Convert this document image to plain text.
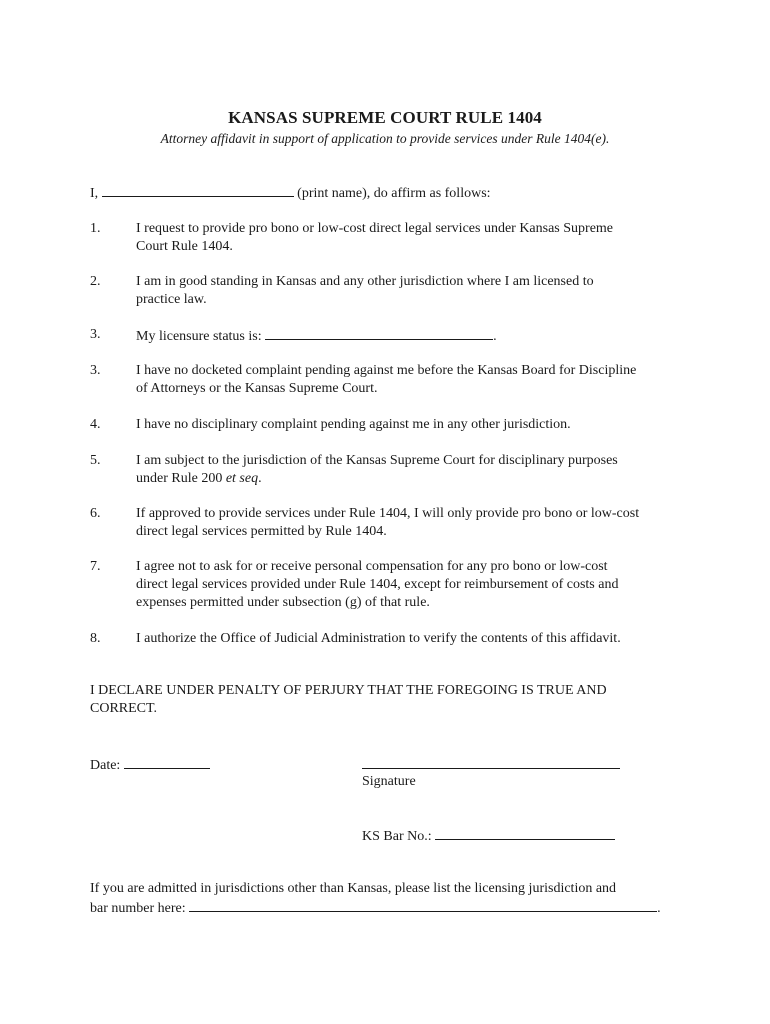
KANSAS SUPREME COURT RULE 1404
Attorney affidavit in support of application to provide services under Rule 1404(e).
I,	(print name), do affirm as follows:
1.	I request to provide pro bono or low-cost direct legal services under Kansas Supreme
Court Rule 1404.
2.	I am in good standing in Kansas and any other jurisdiction where I am licensed to
practice law.
3.	My licensure status is:	.
3.	I have no docketed complaint pending against me before the Kansas Board for Discipline
of Attorneys or the Kansas Supreme Court.
4.	I have no disciplinary complaint pending against me in any other jurisdiction.
5.	I am subject to the jurisdiction of the Kansas Supreme Court for disciplinary purposes
under Rule 200 et seq.
6.	If approved to provide services under Rule 1404, I will only provide pro bono or low-cost
direct legal services permitted by Rule 1404.
7.	I agree not to ask for or receive personal compensation for any pro bono or low-cost
direct legal services provided under Rule 1404, except for reimbursement of costs and
expenses permitted under subsection (g) of that rule.
8.	I authorize the Office of Judicial Administration to verify the contents of this affidavit.
I DECLARE UNDER PENALTY OF PERJURY THAT THE FOREGOING IS TRUE AND
CORRECT.
Date:
Signature
KS Bar No.:
If you are admitted in jurisdictions other than Kansas, please list the licensing jurisdiction and
bar number here:	.
